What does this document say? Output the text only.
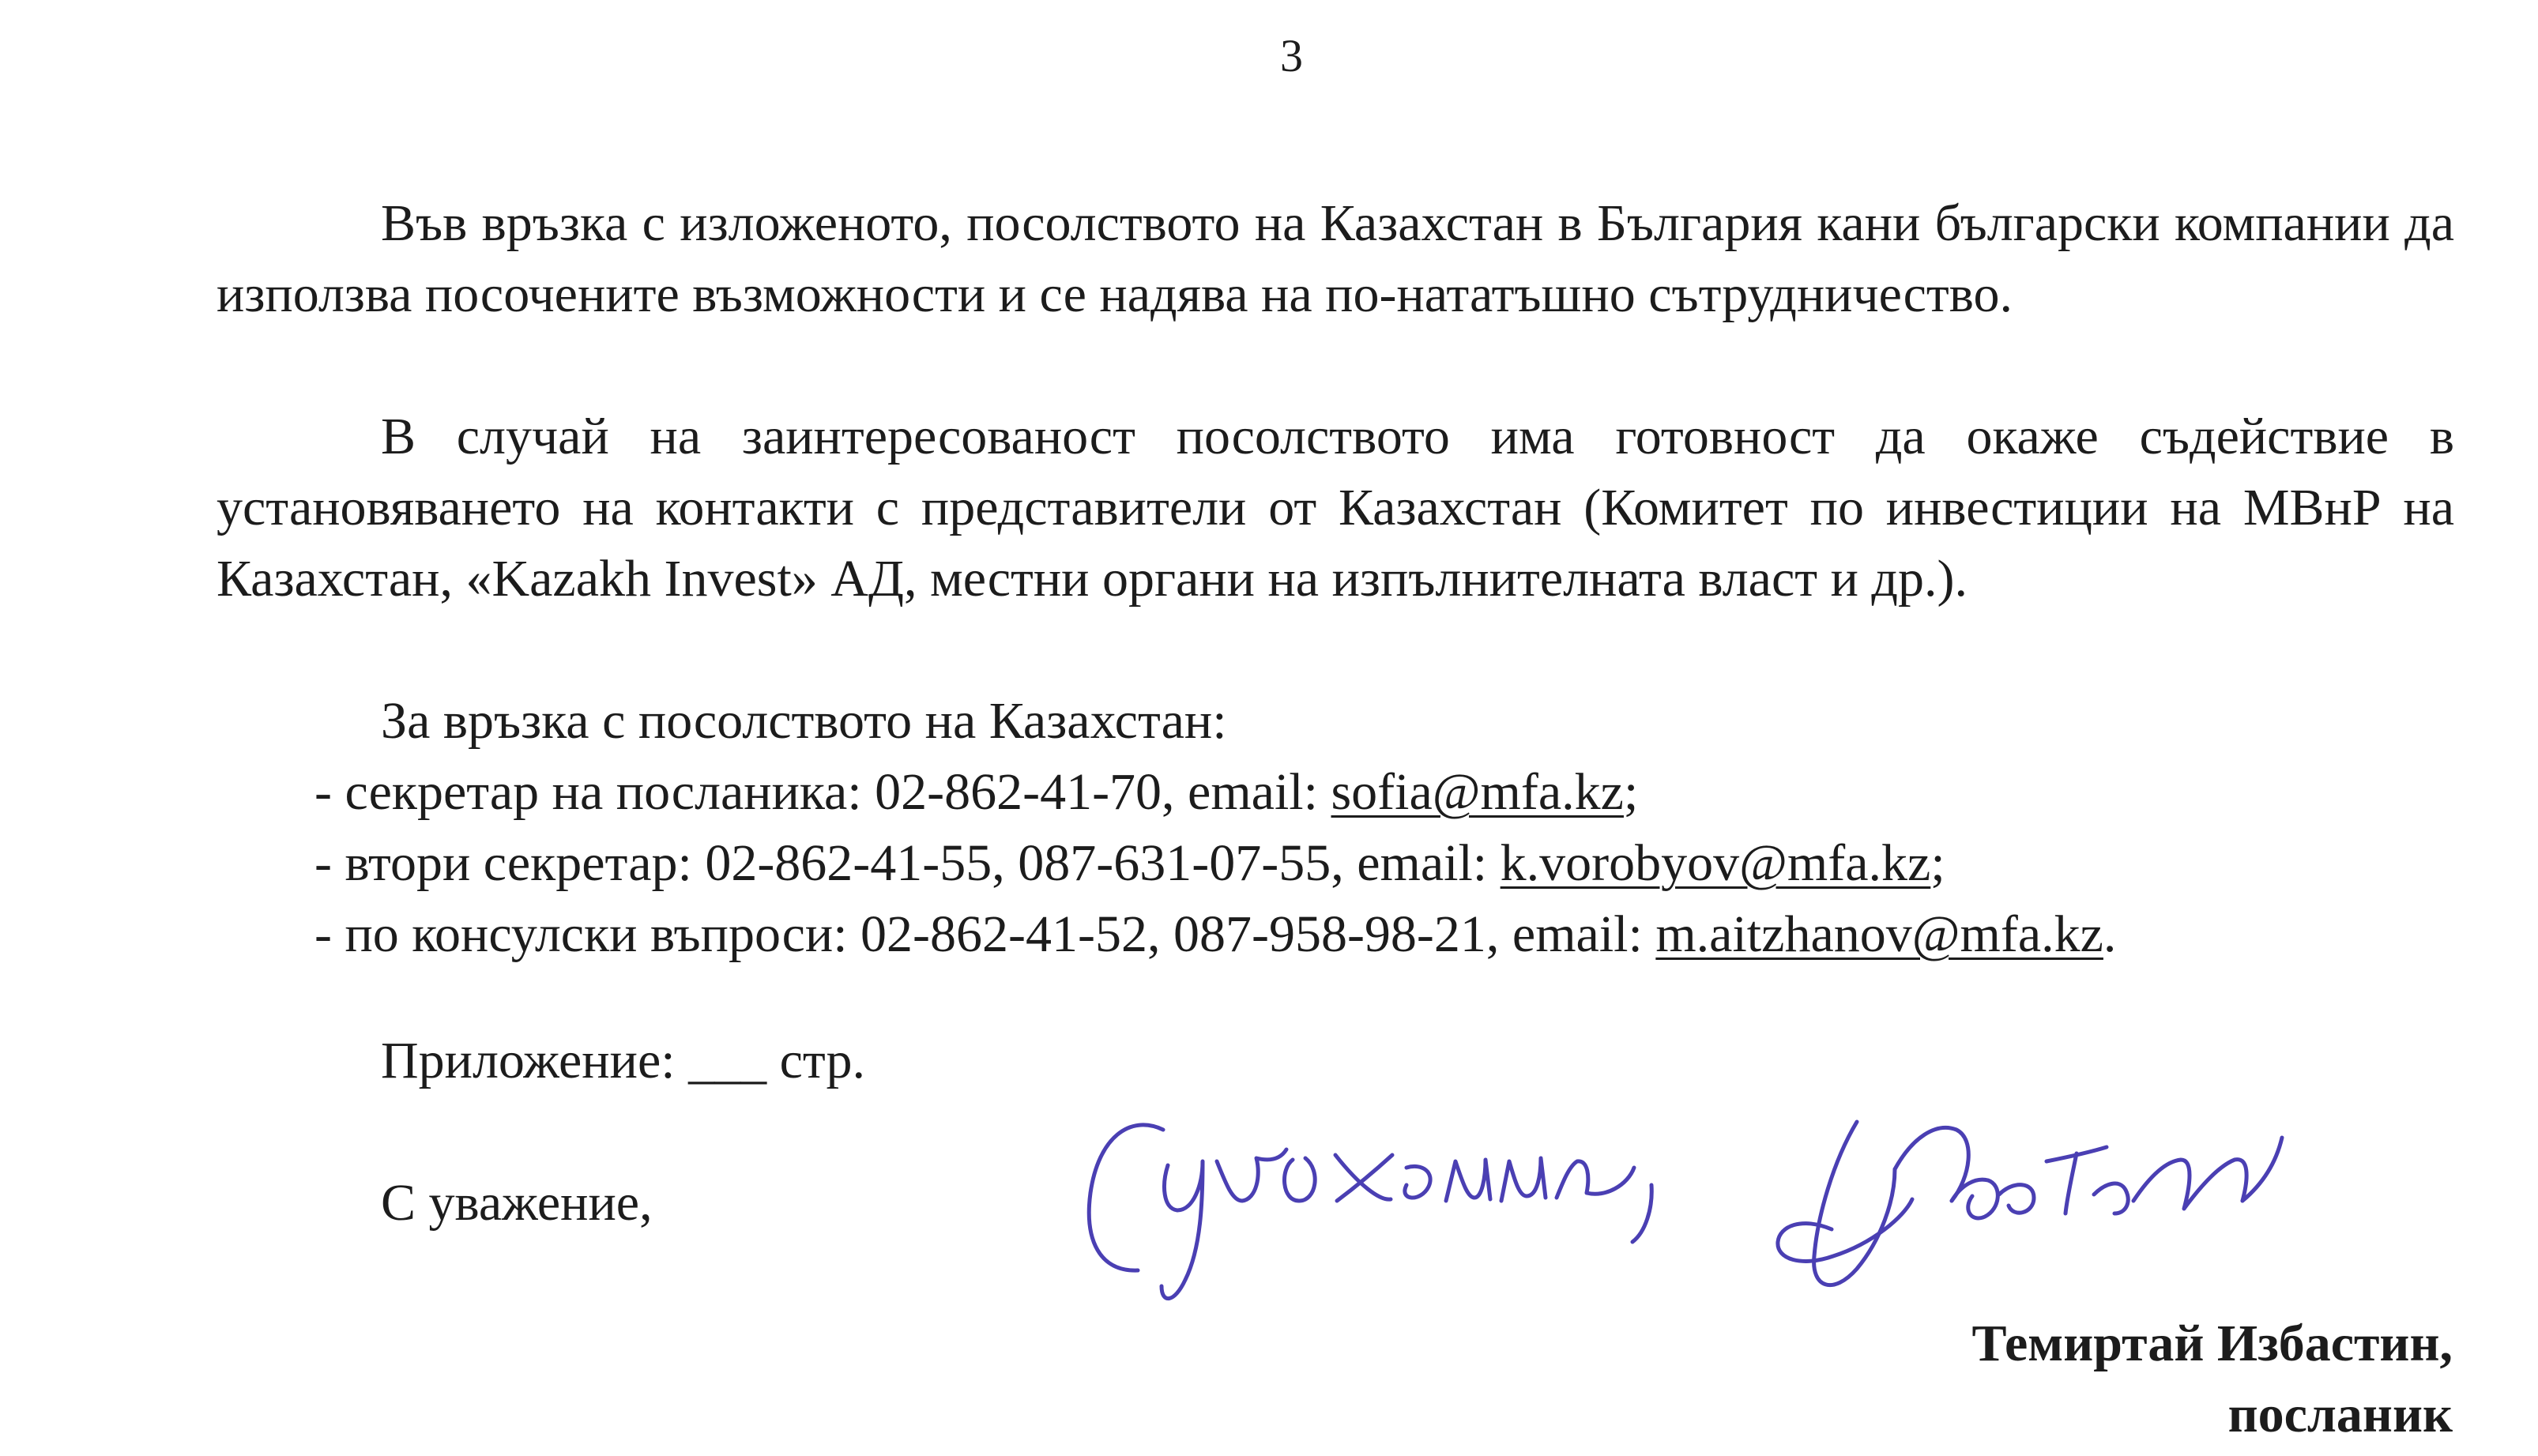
3

Във връзка с изложеното, посолството на Казахстан в България кани български компании да използва посочените възможности и се надява на по-нататъшно сътрудничество.

В случай на заинтересованост посолството има готовност да окаже съдействие в установяването на контакти с представители от Казахстан (Комитет по инвестиции на МВнР на Казахстан, «Kazakh Invest» АД, местни органи на изпълнителната власт и др.).

За връзка с посолството на Казахстан:
- секретар на посланика: 02-862-41-70, email: sofia@mfa.kz;
- втори секретар: 02-862-41-55, 087-631-07-55, email: k.vorobyov@mfa.kz;
- по консулски въпроси: 02-862-41-52, 087-958-98-21, email: m.aitzhanov@mfa.kz.
Приложение: ___ стр.
С уважение,
Темиртай Избастин,
посланик
